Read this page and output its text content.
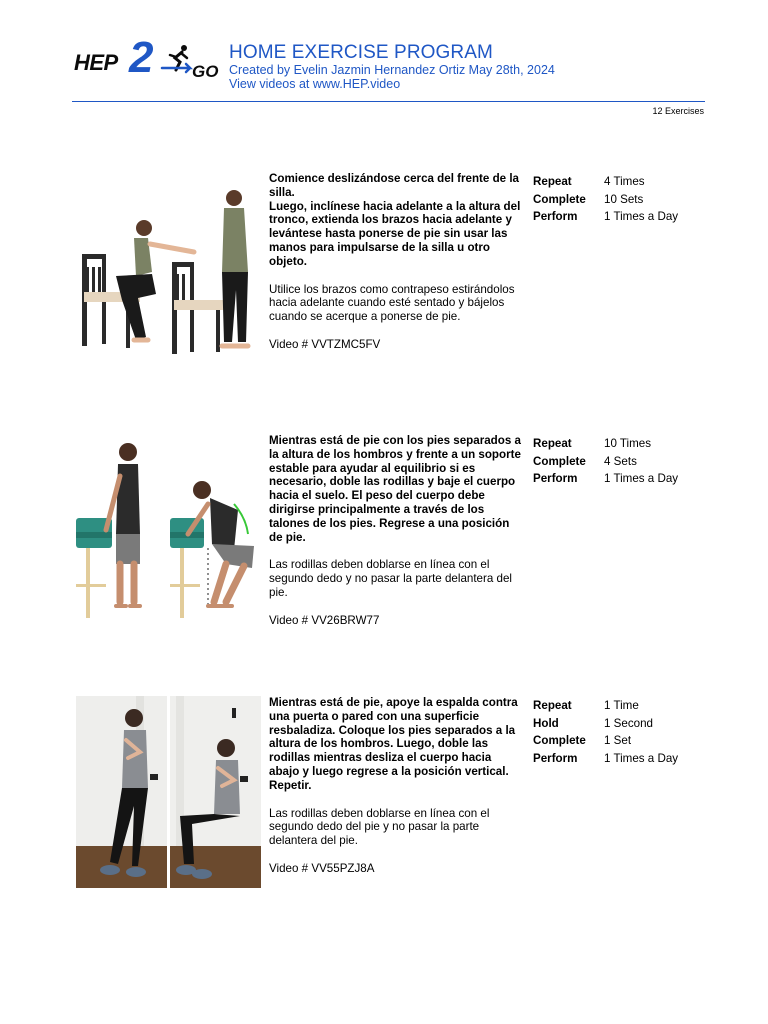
HEP 2 GO
HOME EXERCISE PROGRAM
Created by Evelin Jazmin Hernandez Ortiz May 28th, 2024
View videos at www.HEP.video
12 Exercises

Comience deslizándose cerca del frente de la silla.
Luego, inclínese hacia adelante a la altura del tronco, extienda los brazos hacia adelante y levántese hasta ponerse de pie sin usar las manos para impulsarse de la silla u otro objeto.

Utilice los brazos como contrapeso estirándolos hacia adelante cuando esté sentado y bájelos cuando se acerque a ponerse de pie.

Video # VVTZMC5FV

Repeat	4 Times
Complete	10 Sets
Perform	1 Times a Day

Mientras está de pie con los pies separados a la altura de los hombros y frente a un soporte estable para ayudar al equilibrio si es necesario, doble las rodillas y baje el cuerpo hacia el suelo. El peso del cuerpo debe dirigirse principalmente a través de los talones de los pies. Regrese a una posición de pie.

Las rodillas deben doblarse en línea con el segundo dedo y no pasar la parte delantera del pie.

Video # VV26BRW77

Repeat	10 Times
Complete	4 Sets
Perform	1 Times a Day

Mientras está de pie, apoye la espalda contra una puerta o pared con una superficie resbaladiza. Coloque los pies separados a la altura de los hombros. Luego, doble las rodillas mientras desliza el cuerpo hacia abajo y luego regrese a la posición vertical. Repetir.

Las rodillas deben doblarse en línea con el segundo dedo del pie y no pasar la parte delantera del pie.

Video # VV55PZJ8A

Repeat	1 Time
Hold	1 Second
Complete	1 Set
Perform	1 Times a Day
